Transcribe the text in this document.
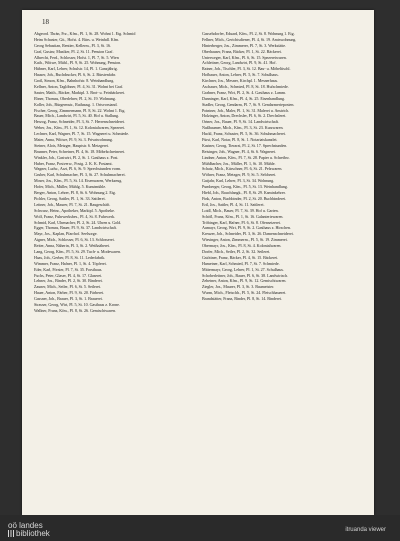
18
Abgeord. Thrän, Frz., Kfm., Pl. 1, St. 28. Wohnt 1. Etg. Schmid
Heim Schuster, Gtt., Hofst. 4. Bürs. u. Weinhdl. Kfm.
Georg Sebastian, Rentier, Kellerm., Pl. 3, St. 16.
Graf, Gustav, Musiker, Pl. 2, St. 11. Pension Graf.
Albrecht, Ferd., Schlosser, Hofst. 1, Pl. 7, St. 5. Wien
Kath., Wittwe, Mühl., Pl. 9, St. 25. Wohnung, Pension.
Hübner, Karl, Lehrer, Schulstr. 14, Pl. 1. Ganzjährig.
Hauser, Joh., Buchdrucker, Pl. 6, St. 2. Bürstenfabr.
Groß, Simon, Kfm., Bahnhofstr. 8. Weinhandlung.
Kellner, Anton, Taglöhner, Pl. 4, St. 31. Wohnt bei Graf.
Sauter, Matth., Bäcker, Marktpl. 3. Brot- u. Feinbäckerei.
Ebner, Thomas, Oberlehrer, Pl. 2, St. 19. Wohnung.
Koller, Joh., Bürgermstr., Rathausg. 1. Ortsvorstand.
Fischer, Georg, Zimmermann, Pl. 8, St. 22. Wohnt 1. Etg.
Bauer, Mich., Landwirt, Pl. 5, St. 40. Hof u. Stallung.
Herzog, Franz, Schneider, Pl. 3, St. 7. Herrenschneiderei.
Weber, Jos., Kfm., Pl. 1, St. 12. Kolonialwaren, Spezerei.
Lechner, Karl, Wagner, Pl. 7, St. 15. Wagnerei u. Schmiede.
Maier, Anna, Wittwe, Pl. 9, St. 3. Privatwohnung.
Steiner, Alois, Metzger, Hauptstr. 6. Metzgerei.
Brunner, Peter, Schreiner, Pl. 4, St. 18. Möbelschreinerei.
Winkler, Joh., Gastwirt, Pl. 2, St. 1. Gasthaus z. Post.
Huber, Franz, Postverw., Postg. 2. K. K. Postamt.
Wagner, Ludw., Arzt, Pl. 6, St. 9. Sprechstunden vorm.
Gruber, Karl, Schuhmacher, Pl. 3, St. 27. Schuhmacherei.
Moser, Jos., Kfm., Pl. 5, St. 14. Eisenwaren, Werkzeug.
Hofer, Mich., Müller, Mühlg. 5. Kunstmühle.
Berger, Anton, Lehrer, Pl. 8, St. 6. Wohnung 2. Etg.
Pichler, Georg, Sattler, Pl. 1, St. 33. Sattlerei.
Leitner, Joh., Maurer, Pl. 7, St. 21. Baugeschäft.
Schwarz, Heinr., Apotheker, Marktpl. 5. Apotheke.
Wolf, Franz, Fuhrwerksbes., Pl. 4, St. 8. Fuhrwerk.
Schmid, Karl, Uhrmacher, Pl. 2, St. 24. Uhren u. Gold.
Egger, Thomas, Bauer, Pl. 9, St. 37. Landwirtschaft.
Mayr, Jos., Kaplan, Pfarrhof. Seelsorge.
Aigner, Mich., Schlosser, Pl. 6, St. 13. Schlosserei.
Reiter, Anna, Näherin, Pl. 3, St. 2. Weißnäherei.
Lang, Georg, Kfm., Pl. 5, St. 29. Tuch- u. Modewaren.
Haas, Joh., Gerber, Pl. 8, St. 11. Lederfabrik.
Wimmer, Franz, Hafner, Pl. 1, St. 4. Töpferei.
Eder, Karl, Förster, Pl. 7, St. 35. Forsthaus.
Fuchs, Peter, Glaser, Pl. 4, St. 17. Glaserei.
Lehner, Jos., Binder, Pl. 2, St. 30. Binderei.
Zauner, Mich., Seiler, Pl. 6, St. 5. Seilerei.
Hauer, Anton, Färber, Pl. 9, St. 20. Färberei.
Gassner, Joh., Brauer, Pl. 3, St. 1. Brauerei.
Strasser, Georg, Wirt, Pl. 5, St. 10. Gasthaus z. Krone.
Wallner, Franz, Kfm., Pl. 8, St. 26. Gemischtwaren.
Gasselsdorfer, Eduard, Kfm., Pl. 2, St. 8. Wohnung 1. Etg.
Fellner, Mich., Gerichtsdiener, Pl. 4, St. 19. Amtswohnung.
Hinterberger, Jos., Zimmerer, Pl. 7, St. 3. Werkstätte.
Oberhauser, Franz, Bäcker, Pl. 1, St. 22. Bäckerei.
Unterweger, Karl, Kfm., Pl. 6, St. 15. Spezereiwaren.
Achleitner, Georg, Landwirt, Pl. 9, St. 41. Hof.
Rainer, Joh., Tischler, Pl. 3, St. 12. Bau- u. Möbeltischl.
Hofbauer, Anton, Lehrer, Pl. 5, St. 7. Schulhaus.
Kirchner, Jos., Mesner, Kirchpl. 1. Mesnerhaus.
Aschauer, Mich., Schmied, Pl. 8, St. 18. Hufschmiede.
Grabner, Franz, Wirt, Pl. 2, St. 4. Gasthaus z. Lamm.
Danninger, Karl, Kfm., Pl. 4, St. 25. Eisenhandlung.
Stadler, Georg, Gendarm, Pl. 7, St. 9. Gendarmerieposten.
Pointner, Joh., Maler, Pl. 1, St. 31. Malerei u. Anstrich.
Holzinger, Anton, Drechsler, Pl. 6, St. 2. Drechslerei.
Ortner, Jos., Bauer, Pl. 9, St. 14. Landwirtschaft.
Nußbaumer, Mich., Kfm., Pl. 3, St. 23. Kurzwaren.
Hackl, Franz, Schuster, Pl. 5, St. 36. Schuhmacherei.
Fürst, Karl, Notar, Pl. 8, St. 1. Notariatskanzlei.
Kastner, Georg, Tierarzt, Pl. 2, St. 17. Sprechstunden.
Reisinger, Joh., Wagner, Pl. 4, St. 6. Wagnerei.
Lindner, Anton, Kfm., Pl. 7, St. 28. Papier u. Schreibw.
Mühlbacher, Jos., Müller, Pl. 1, St. 10. Mühle.
Schatz, Mich., Kürschner, Pl. 6, St. 21. Pelzwaren.
Wöhrer, Franz, Metzger, Pl. 9, St. 5. Selcherei.
Gutjahr, Karl, Lehrer, Pl. 3, St. 34. Wohnung.
Pumberger, Georg, Kfm., Pl. 5, St. 13. Weinhandlung.
Hiebl, Joh., Rauchfangk., Pl. 8, St. 29. Kaminkehrer.
Fink, Anton, Buchbinder, Pl. 2, St. 20. Buchbinderei.
Ertl, Jos., Sattler, Pl. 4, St. 11. Sattlerei.
Loidl, Mich., Bauer, Pl. 7, St. 39. Hof u. Garten.
Schöfl, Franz, Kfm., Pl. 1, St. 16. Galanteriewaren.
Tröbinger, Karl, Hafner, Pl. 6, St. 8. Ofensetzerei.
Aumayr, Georg, Wirt, Pl. 9, St. 2. Gasthaus z. Hirschen.
Kreuzer, Joh., Schneider, Pl. 3, St. 26. Damenschneiderei.
Wiesinger, Anton, Zimmerm., Pl. 5, St. 19. Zimmerei.
Obermayr, Jos., Kfm., Pl. 8, St. 4. Kolonialwaren.
Dorfer, Mich., Seiler, Pl. 2, St. 32. Seilerei.
Gstöttner, Franz, Bäcker, Pl. 4, St. 15. Bäckerei.
Hametner, Karl, Schmied, Pl. 7, St. 7. Schmiede.
Mittermayr, Georg, Lehrer, Pl. 1, St. 27. Schulhaus.
Schoberleitner, Joh., Bauer, Pl. 6, St. 38. Landwirtsch.
Zehetner, Anton, Kfm., Pl. 9, St. 12. Gemischtwaren.
Ziegler, Jos., Maurer, Pl. 3, St. 3. Baumeister.
Wurm, Mich., Fleischh., Pl. 5, St. 24. Fleischhauerei.
Brandstätter, Franz, Binder, Pl. 8, St. 14. Binderei.
oö landes
bibliothek	itruanda viewer
